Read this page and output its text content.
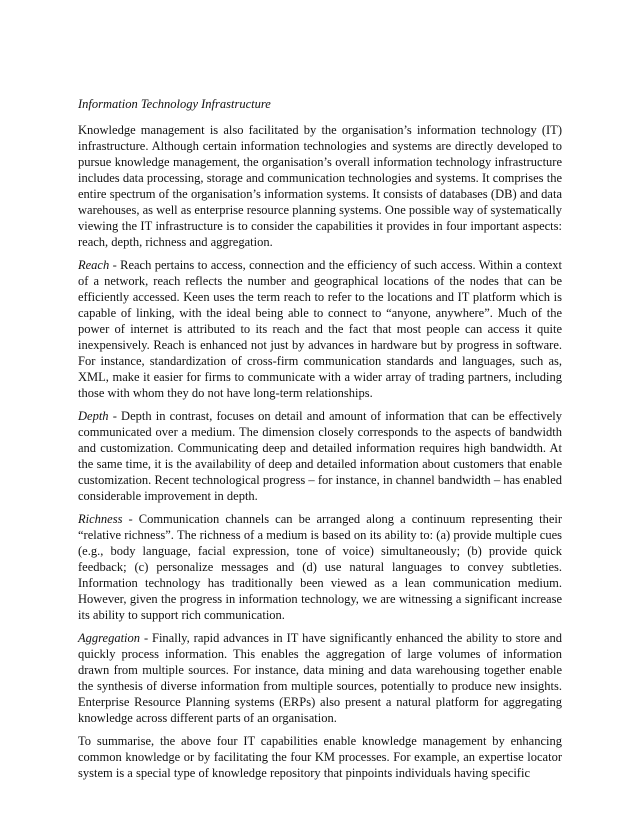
Information Technology Infrastructure

Knowledge management is also facilitated by the organisation’s information technology (IT) infrastructure. Although certain information technologies and systems are directly developed to pursue knowledge management, the organisation’s overall information technology infrastructure includes data processing, storage and communication technologies and systems. It comprises the entire spectrum of the organisation’s information systems. It consists of databases (DB) and data warehouses, as well as enterprise resource planning systems. One possible way of systematically viewing the IT infrastructure is to consider the capabilities it provides in four important aspects: reach, depth, richness and aggregation.

Reach - Reach pertains to access, connection and the efficiency of such access. Within a context of a network, reach reflects the number and geographical locations of the nodes that can be efficiently accessed. Keen uses the term reach to refer to the locations and IT platform which is capable of linking, with the ideal being able to connect to “anyone, anywhere”. Much of the power of internet is attributed to its reach and the fact that most people can access it quite inexpensively. Reach is enhanced not just by advances in hardware but by progress in software. For instance, standardization of cross-firm communication standards and languages, such as, XML, make it easier for firms to communicate with a wider array of trading partners, including those with whom they do not have long-term relationships.

Depth - Depth in contrast, focuses on detail and amount of information that can be effectively communicated over a medium. The dimension closely corresponds to the aspects of bandwidth and customization. Communicating deep and detailed information requires high bandwidth. At the same time, it is the availability of deep and detailed information about customers that enable customization. Recent technological progress – for instance, in channel bandwidth – has enabled considerable improvement in depth.

Richness - Communication channels can be arranged along a continuum representing their “relative richness”. The richness of a medium is based on its ability to: (a) provide multiple cues (e.g., body language, facial expression, tone of voice) simultaneously; (b) provide quick feedback; (c) personalize messages and (d) use natural languages to convey subtleties. Information technology has traditionally been viewed as a lean communication medium. However, given the progress in information technology, we are witnessing a significant increase its ability to support rich communication.

Aggregation - Finally, rapid advances in IT have significantly enhanced the ability to store and quickly process information. This enables the aggregation of large volumes of information drawn from multiple sources. For instance, data mining and data warehousing together enable the synthesis of diverse information from multiple sources, potentially to produce new insights. Enterprise Resource Planning systems (ERPs) also present a natural platform for aggregating knowledge across different parts of an organisation.

To summarise, the above four IT capabilities enable knowledge management by enhancing common knowledge or by facilitating the four KM processes. For example, an expertise locator system is a special type of knowledge repository that pinpoints individuals having specific
